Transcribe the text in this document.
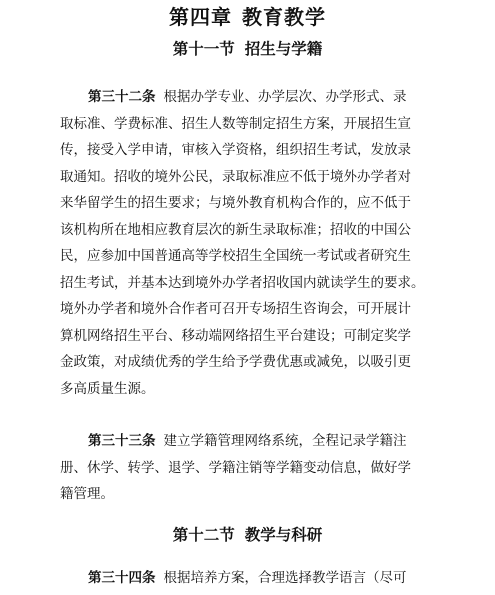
第四章 教育教学
第十一节 招生与学籍
第三十二条 根据办学专业、办学层次、办学形式、录
取标准、学费标准、招生人数等制定招生方案，开展招生宣
传，接受入学申请，审核入学资格，组织招生考试，发放录
取通知。招收的境外公民，录取标准应不低于境外办学者对
来华留学生的招生要求；与境外教育机构合作的，应不低于
该机构所在地相应教育层次的新生录取标准；招收的中国公
民，应参加中国普通高等学校招生全国统一考试或者研究生
招生考试，并基本达到境外办学者招收国内就读学生的要求。
境外办学者和境外合作者可召开专场招生咨询会，可开展计
算机网络招生平台、移动端网络招生平台建设；可制定奖学
金政策，对成绩优秀的学生给予学费优惠或减免，以吸引更
多高质量生源。
第三十三条 建立学籍管理网络系统，全程记录学籍注
册、休学、转学、退学、学籍注销等学籍变动信息，做好学
籍管理。
第十二节 教学与科研
第三十四条 根据培养方案，合理选择教学语言（尽可
